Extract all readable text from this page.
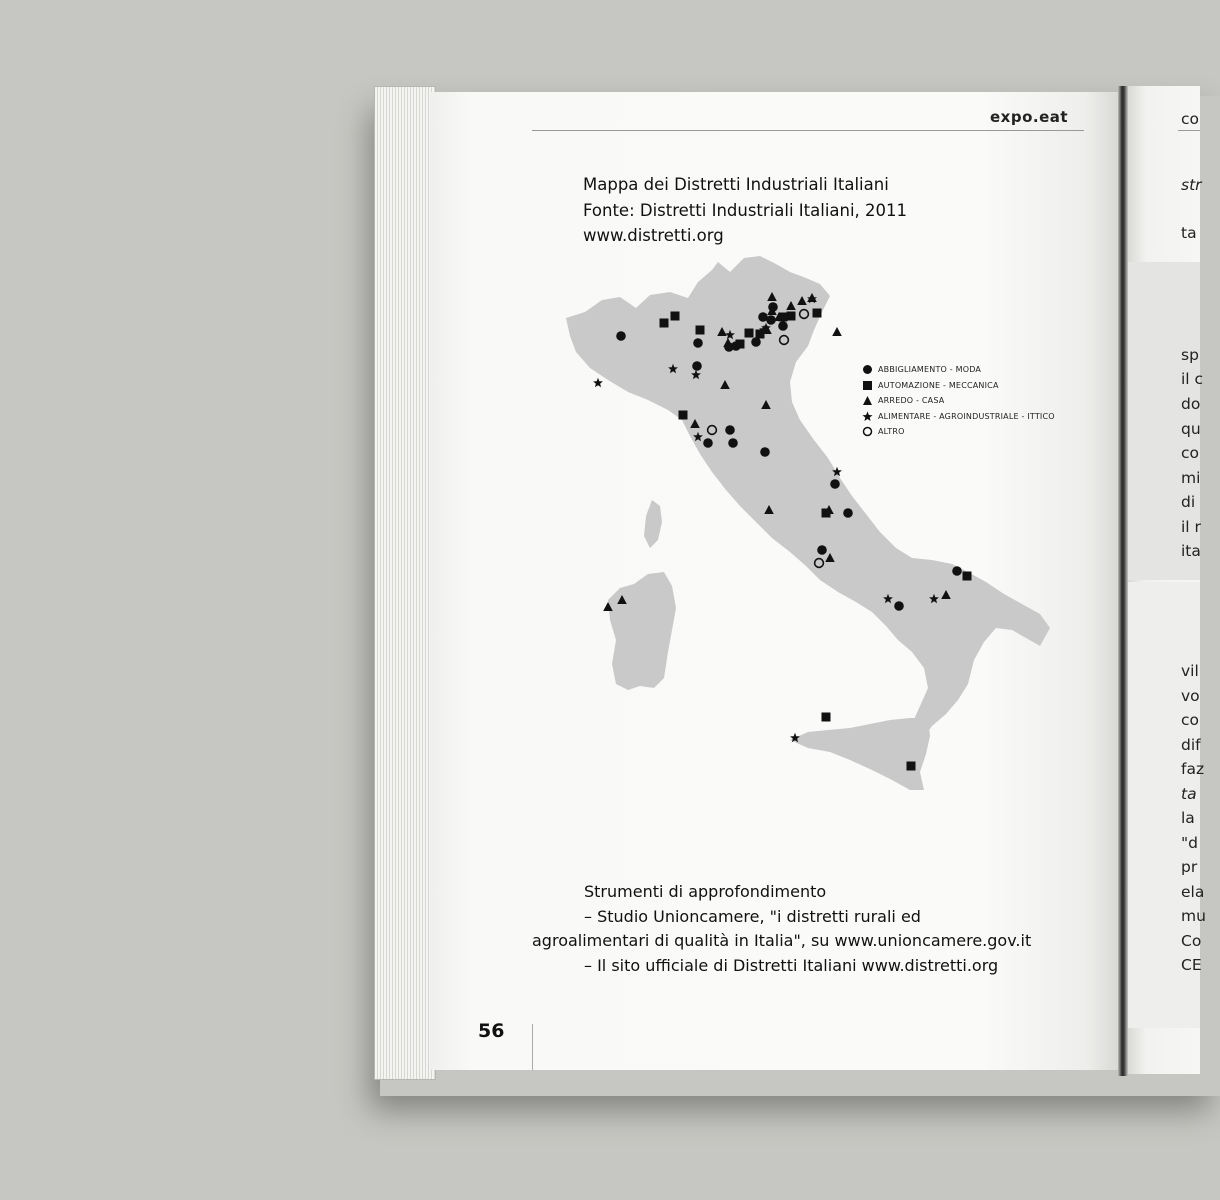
expo.eat
Mappa dei Distretti Industriali Italiani
Fonte: Distretti Industriali Italiani, 2011
www.distretti.org
ABBIGLIAMENTO - MODA
AUTOMAZIONE - MECCANICA
ARREDO - CASA
ALIMENTARE - AGROINDUSTRIALE - ITTICO
ALTRO
Strumenti di approfondimento
– Studio Unioncamere, "i distretti rurali ed agroalimentari di qualità in Italia", su www.unioncamere.gov.it
– Il sito ufficiale di Distretti Italiani www.distretti.org
56
co
str
ta
sp
il c
do
qu
co
mi
di
il r
ita
vil
vo
co
dif
faz
ta
la
"d
pr
ela
mu
Co
CE
